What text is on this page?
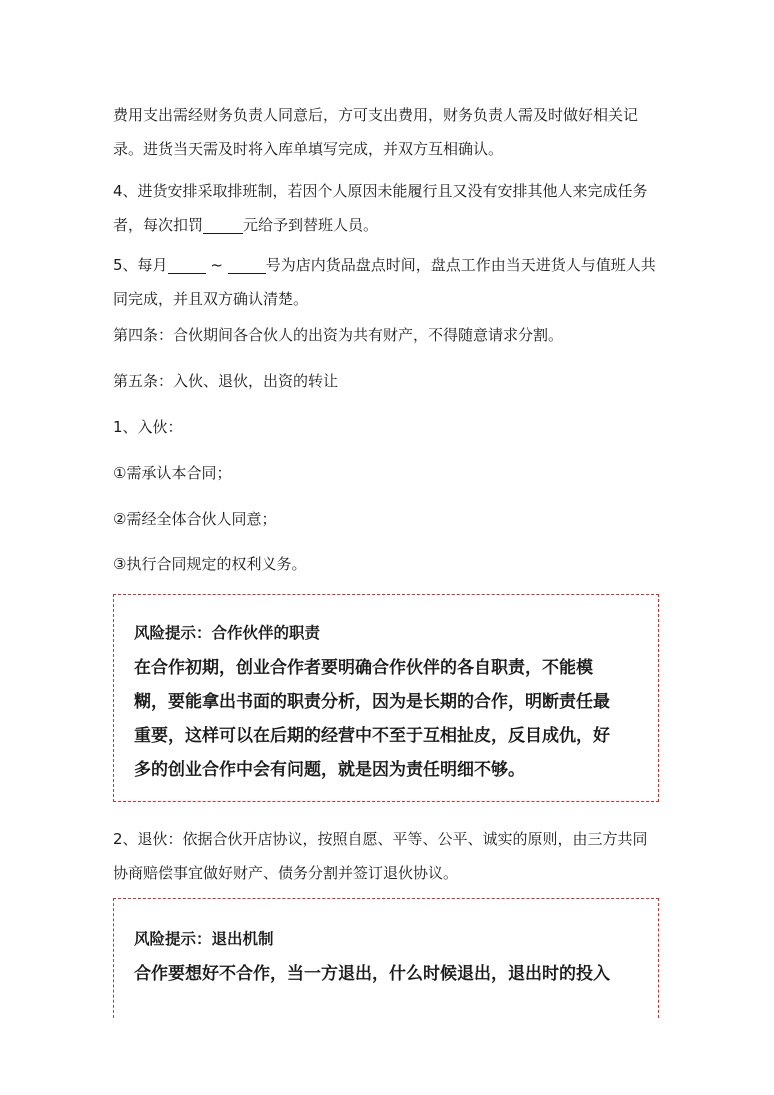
费用支出需经财务负责人同意后，方可支出费用，财务负责人需及时做好相关记
录。进货当天需及时将入库单填写完成，并双方互相确认。

4、进货安排采取排班制，若因个人原因未能履行且又没有安排其他人来完成任务
者，每次扣罚	元给予到替班人员。

5、每月	~	号为店内货品盘点时间，盘点工作由当天进货人与值班人共
同完成，并且双方确认清楚。

第四条：合伙期间各合伙人的出资为共有财产，不得随意请求分割。

第五条：入伙、退伙，出资的转让

1、入伙：

①需承认本合同；

②需经全体合伙人同意；

③执行合同规定的权利义务。

风险提示：合作伙伴的职责

在合作初期，创业合作者要明确合作伙伴的各自职责，不能模
糊，要能拿出书面的职责分析，因为是长期的合作，明断责任最
重要，这样可以在后期的经营中不至于互相扯皮，反目成仇，好
多的创业合作中会有问题，就是因为责任明细不够。

2、退伙：依据合伙开店协议，按照自愿、平等、公平、诚实的原则，由三方共同
协商赔偿事宜做好财产、债务分割并签订退伙协议。

风险提示：退出机制

合作要想好不合作，当一方退出，什么时候退出，退出时的投入
